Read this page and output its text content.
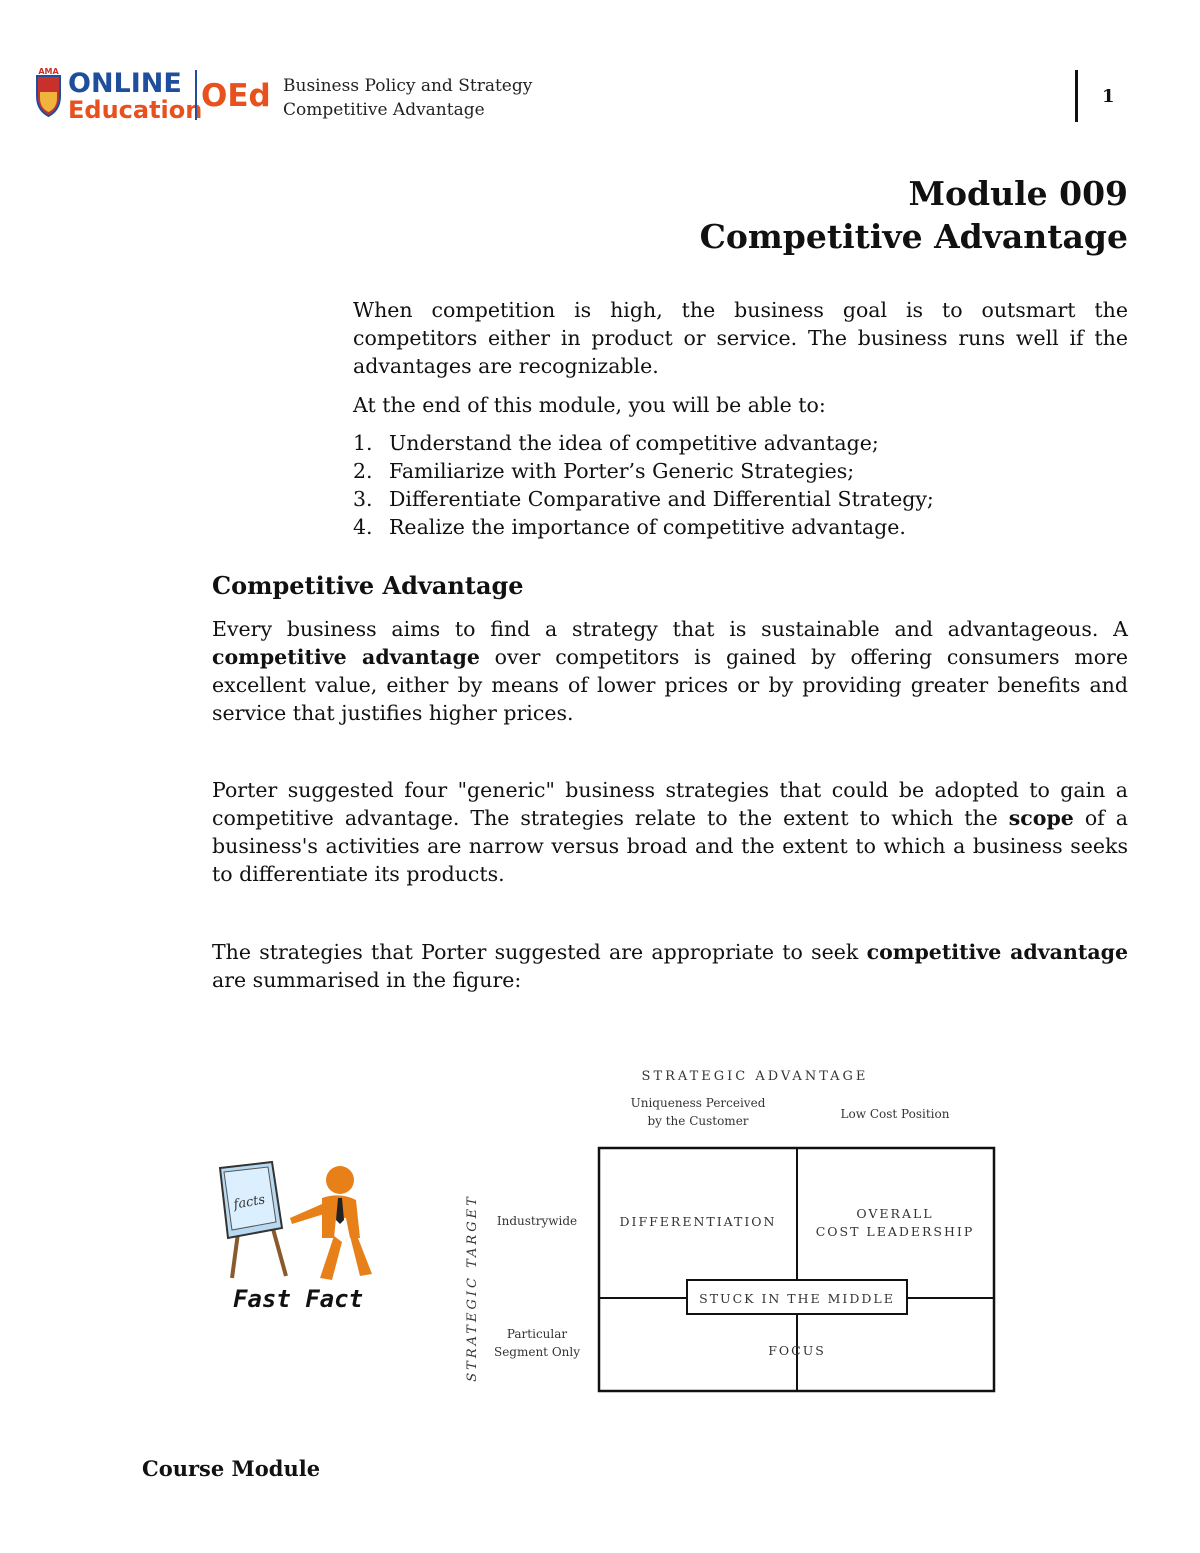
AMA ONLINE
Education
OEd Business Policy and Strategy
Competitive Advantage
1
Module 009
Competitive Advantage
When competition is high, the business goal is to outsmart the competitors either in product or service. The business runs well if the advantages are recognizable.
At the end of this module, you will be able to:
1. Understand the idea of competitive advantage;
2. Familiarize with Porter’s Generic Strategies;
3. Differentiate Comparative and Differential Strategy;
4. Realize the importance of competitive advantage.
Competitive Advantage
Every business aims to find a strategy that is sustainable and advantageous. A competitive advantage over competitors is gained by offering consumers more excellent value, either by means of lower prices or by providing greater benefits and service that justifies higher prices.
Porter suggested four "generic" business strategies that could be adopted to gain a competitive advantage. The strategies relate to the extent to which the scope of a business's activities are narrow versus broad and the extent to which a business seeks to differentiate its products.
The strategies that Porter suggested are appropriate to seek competitive advantage are summarised in the figure:
facts
Fast Fact
STRATEGIC ADVANTAGE
Uniqueness Perceived
by the Customer	Low Cost Position
STRATEGIC TARGET Industrywide
Particular
Segment Only
DIFFERENTIATION
OVERALL
COST LEADERSHIP
STUCK IN THE MIDDLE
FOCUS
Course Module
